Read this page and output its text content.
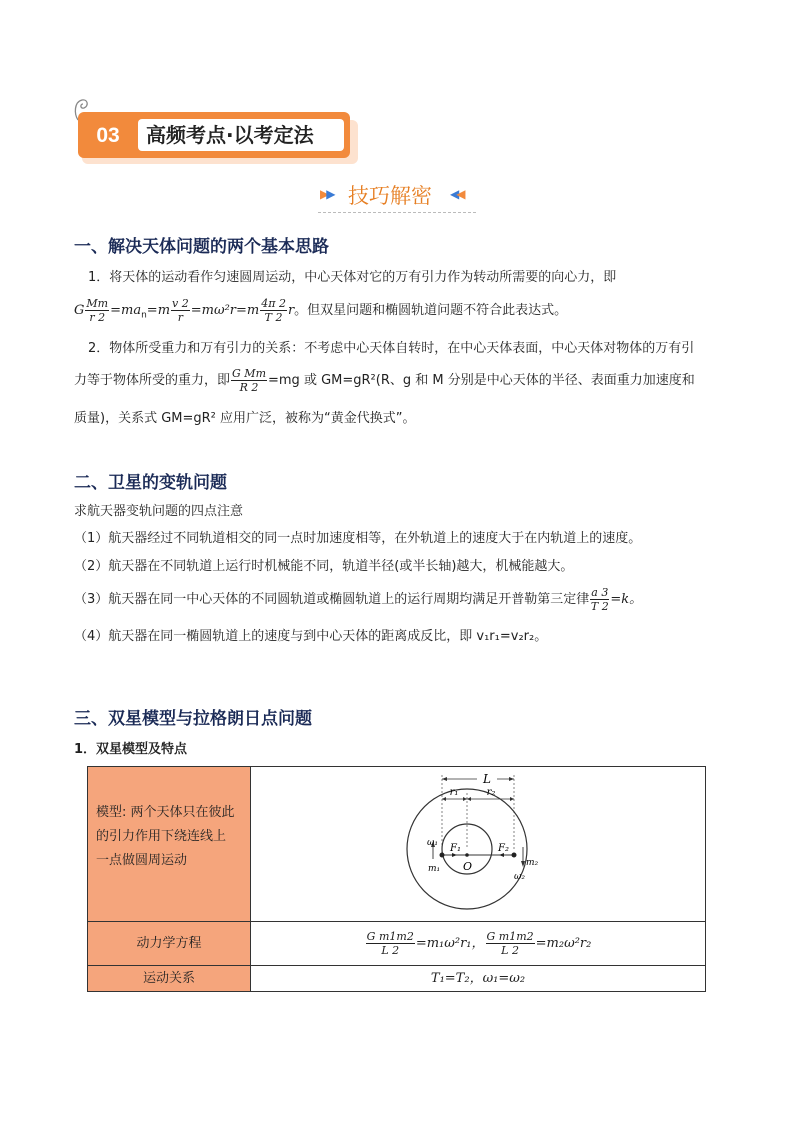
03	高频考点·以考定法
▶▶ 技巧解密 ◀◀
一、解决天体问题的两个基本思路
1．将天体的运动看作匀速圆周运动，中心天体对它的万有引力作为转动所需要的向心力，即
G $\frac{Mm}{r 2} =ma_n=m \frac{v 2}{r} =m\omega^2r=m \frac{4\pi 2}{T 2}$ r。但双星问题和椭圆轨道问题不符合此表达式。
2．物体所受重力和万有引力的关系：不考虑中心天体自转时，在中心天体表面，中心天体对物体的万有引
力等于物体所受的重力，即 $\frac{\text{G Mm}}{R 2} =mg$ 或 GM=gR²(R、g 和 M 分别是中心天体的半径、表面重力加速度和
质量)，关系式 GM=gR² 应用广泛，被称为“黄金代换式”。
二、卫星的变轨问题
求航天器变轨问题的四点注意
（1）航天器经过不同轨道相交的同一点时加速度相等，在外轨道上的速度大于在内轨道上的速度。
（2）航天器在不同轨道上运行时机械能不同，轨道半径(或半长轴)越大，机械能越大。
（3）航天器在同一中心天体的不同圆轨道或椭圆轨道上的运行周期均满足开普勒第三定律 $\frac{a 3}{T 2} =k$。
（4）航天器在同一椭圆轨道上的速度与到中心天体的距离成反比，即 v₁r₁=v₂r₂。
三、双星模型与拉格朗日点问题
1．双星模型及特点
模型: 两个天体只在彼此
的引力作用下绕连线上
一点做圆周运动
L
r₁	r₂
F₁	F₂
O
ω₁
m₁
m₂
ω₂
动力学方程	$\frac{\text{G m1m2}}{L 2} =m_1\omega^2r_1$， $\frac{\text{G m1m2}}{L 2} =m_2\omega^2r_2$
运动关系	T₁=T₂，ω₁=ω₂
